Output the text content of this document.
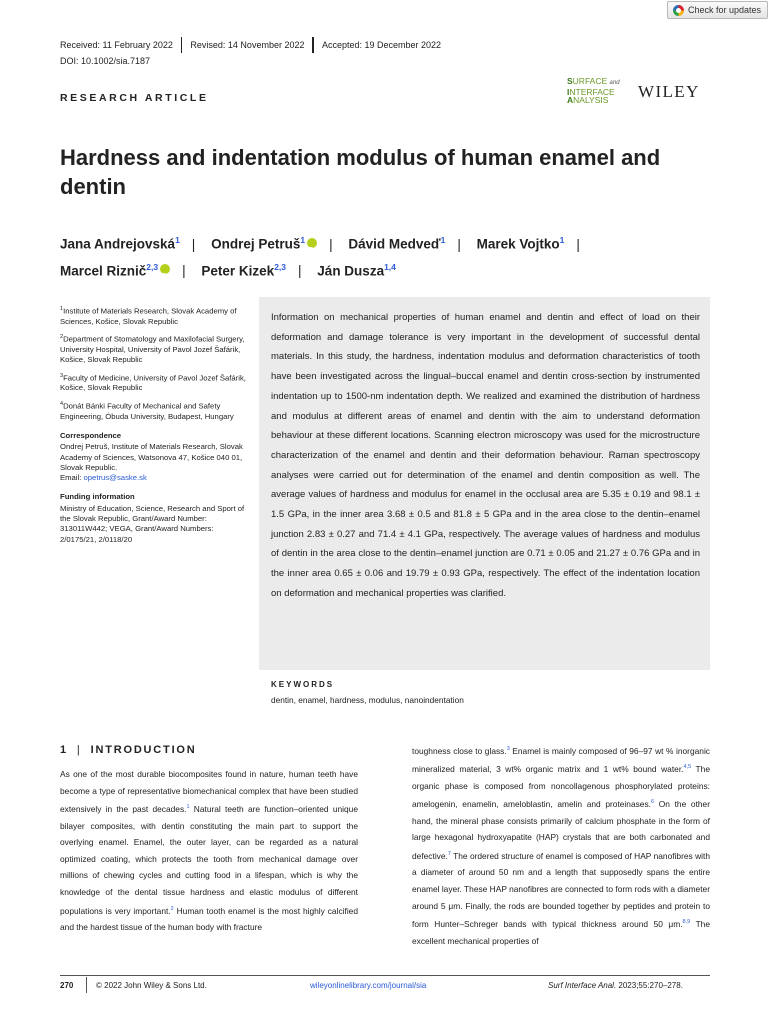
Check for updates
Received: 11 February 2022 Revised: 14 November 2022 Accepted: 19 December 2022
DOI: 10.1002/sia.7187
RESEARCH ARTICLE
SURFACE and
INTERFACE
ANALYSIS	WILEY
Hardness and indentation modulus of human enamel and dentin
Jana Andrejovská$^1$ | Ondrej Petruš$^1$ iD | Dávid Medveď$^1$ | Marek Vojtko$^1$ |
Marcel Riznič$^{2,3}$ iD | Peter Kizek$^{2,3}$ | Ján Dusza$^{1,4}$

$^1$Institute of Materials Research, Slovak Academy of Sciences, Košice, Slovak Republic

$^2$Department of Stomatology and Maxilofacial Surgery, University Hospital, University of Pavol Jozef Šafárik, Košice, Slovak Republic

$^3$Faculty of Medicine, University of Pavol Jozef Šafárik, Košice, Slovak Republic

$^4$Donát Bánki Faculty of Mechanical and Safety Engineering, Óbuda University, Budapest, Hungary

Correspondence

Ondrej Petruš, Institute of Materials Research, Slovak Academy of Sciences, Watsonova 47, Košice 040 01, Slovak Republic.
Email: opetrus@saske.sk

Funding information

Ministry of Education, Science, Research and Sport of the Slovak Republic, Grant/Award Number: 313011W442; VEGA, Grant/Award Numbers: 2/0175/21, 2/0118/20

Information on mechanical properties of human enamel and dentin and effect of load on their deformation and damage tolerance is very important in the development of successful dental materials. In this study, the hardness, indentation modulus and deformation characteristics of tooth have been investigated across the lingual–buccal enamel and dentin cross-section by instrumented indentation up to 1500-nm indentation depth. We realized and examined the distribution of hardness and modulus at different areas of enamel and dentin with the aim to understand deformation behaviour at these different locations. Scanning electron microscopy was used for the microstructure characterization of the enamel and dentin and their deformation behaviour. Raman spectroscopy analyses were carried out for determination of the enamel and dentin composition as well. The average values of hardness and modulus for enamel in the occlusal area are 5.35 ± 0.19 and 98.1 ± 1.5 GPa, in the inner area 3.68 ± 0.5 and 81.8 ± 5 GPa and in the area close to the dentin–enamel junction 2.83 ± 0.27 and 71.4 ± 4.1 GPa, respectively. The average values of hardness and modulus of dentin in the area close to the dentin–enamel junction are 0.71 ± 0.05 and 21.27 ± 0.76 GPa and in the inner area 0.65 ± 0.06 and 19.79 ± 0.93 GPa, respectively. The effect of the indentation location on deformation and mechanical properties was clarified.

KEYWORDS
dentin, enamel, hardness, modulus, nanoindentation
1 | INTRODUCTION

As one of the most durable biocomposites found in nature, human teeth have become a type of representative biomechanical complex that have been studied extensively in the past decades.$^1$ Natural teeth are function–oriented unique bilayer composites, with dentin constituting the main part to support the overlying enamel. Enamel, the outer layer, can be regarded as a natural optimized coating, which protects the tooth from mechanical damage over millions of chewing cycles and cutting food in a lifespan, which is why the knowledge of the dental tissue hardness and elastic modulus of different populations is very important.$^2$ Human tooth enamel is the most highly calcified and the hardest tissue of the human body with fracture

toughness close to glass.$^3$ Enamel is mainly composed of 96–97 wt % inorganic mineralized material, 3 wt% organic matrix and 1 wt% bound water.$^{4,5}$ The organic phase is composed from noncollagenous phosphorylated proteins: amelogenin, enamelin, ameloblastin, amelin and proteinases.$^6$ On the other hand, the mineral phase consists primarily of calcium phosphate in the form of large hexagonal hydroxyapatite (HAP) crystals that are both carbonated and defective.$^7$ The ordered structure of enamel is composed of HAP nanofibres with a diameter of around 50 nm and a length that supposedly spans the entire enamel layer. These HAP nanofibres are connected to form rods with a diameter around 5 μm. Finally, the rods are bounded together by peptides and protein to form Hunter–Schreger bands with typical thickness around 50 μm.$^{8,9}$ The excellent mechanical properties of

270	© 2022 John Wiley & Sons Ltd.	wileyonlinelibrary.com/journal/sia	Surf Interface Anal. 2023;55:270–278.
